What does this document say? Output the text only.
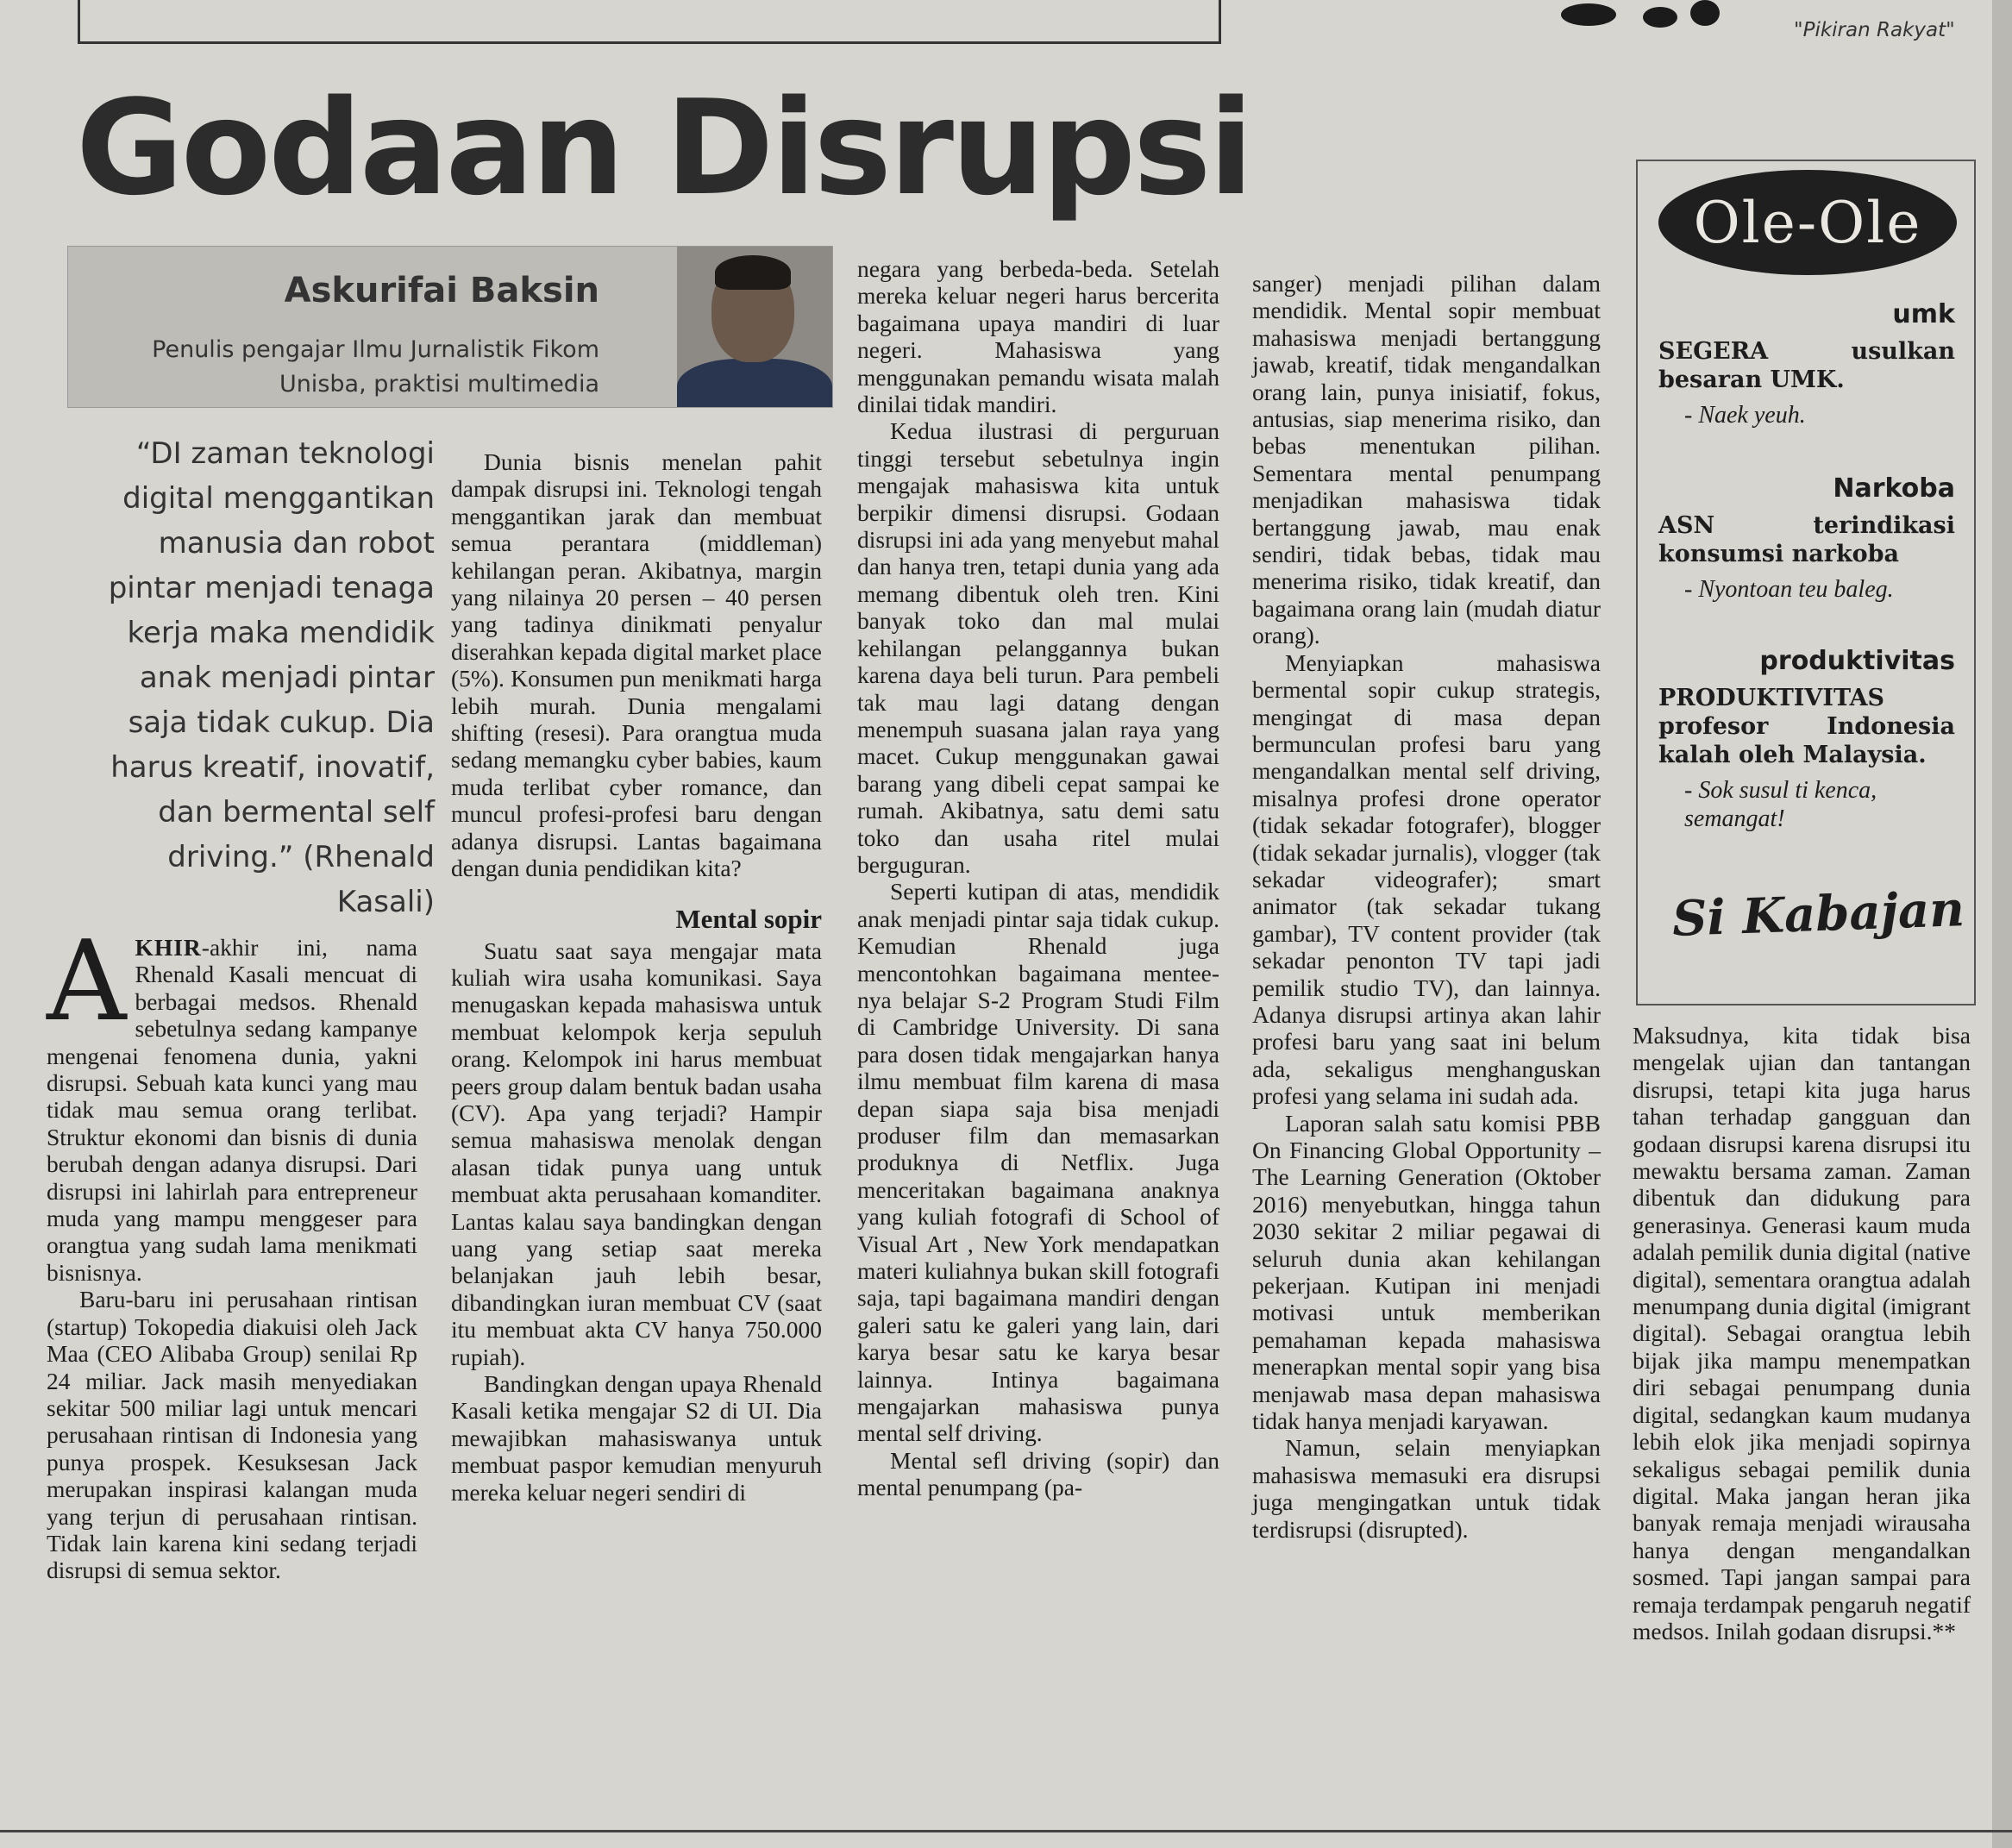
"Pikiran Rakyat"
Godaan Disrupsi
Askurifai Baksin
Penulis pengajar Ilmu Jurnalistik Fikom
Unisba, praktisi multimedia

“DI zaman teknologi digital menggantikan manusia dan robot pintar menjadi tenaga kerja maka mendidik anak menjadi pintar saja tidak cukup. Dia harus kreatif, inovatif, dan bermental self driving.” (Rhenald Kasali)

AKHIR-akhir ini, nama Rhenald Kasali mencuat di berbagai medsos. Rhenald sebetulnya sedang kampanye mengenai fenomena dunia, yakni disrupsi. Sebuah kata kunci yang mau tidak mau semua orang terlibat. Struktur ekonomi dan bisnis di dunia berubah dengan adanya disrupsi. Dari disrupsi ini lahirlah para entrepreneur muda yang mampu menggeser para orangtua yang sudah lama menikmati bisnisnya.

Baru-baru ini perusahaan rintisan (startup) Tokopedia diakuisi oleh Jack Maa (CEO Alibaba Group) senilai Rp 24 miliar. Jack masih menyediakan sekitar 500 miliar lagi untuk mencari perusahaan rintisan di Indonesia yang punya prospek. Kesuksesan Jack merupakan inspirasi kalangan muda yang terjun di perusahaan rintisan. Tidak lain karena kini sedang terjadi disrupsi di semua sektor.

Dunia bisnis menelan pahit dampak disrupsi ini. Teknologi tengah menggantikan jarak dan membuat semua perantara (middleman) kehilangan peran. Akibatnya, margin yang nilainya 20 persen – 40 persen yang tadinya dinikmati penyalur diserahkan kepada digital market place (5%). Konsumen pun menikmati harga lebih murah. Dunia mengalami shifting (resesi). Para orangtua muda sedang memangku cyber babies, kaum muda terlibat cyber romance, dan muncul profesi-profesi baru dengan adanya disrupsi. Lantas bagaimana dengan dunia pendidikan kita?

Mental sopir

Suatu saat saya mengajar mata kuliah wira usaha komunikasi. Saya menugaskan kepada mahasiswa untuk membuat kelompok kerja sepuluh orang. Kelompok ini harus membuat peers group dalam bentuk badan usaha (CV). Apa yang terjadi? Hampir semua mahasiswa menolak dengan alasan tidak punya uang untuk membuat akta perusahaan komanditer. Lantas kalau saya bandingkan dengan uang yang setiap saat mereka belanjakan jauh lebih besar, dibandingkan iuran membuat CV (saat itu membuat akta CV hanya 750.000 rupiah).

Bandingkan dengan upaya Rhenald Kasali ketika mengajar S2 di UI. Dia mewajibkan mahasiswanya untuk membuat paspor kemudian menyuruh mereka keluar negeri sendiri di

negara yang berbeda-beda. Setelah mereka keluar negeri harus bercerita bagaimana upaya mandiri di luar negeri. Mahasiswa yang menggunakan pemandu wisata malah dinilai tidak mandiri.

Kedua ilustrasi di perguruan tinggi tersebut sebetulnya ingin mengajak mahasiswa kita untuk berpikir dimensi disrupsi. Godaan disrupsi ini ada yang menyebut mahal dan hanya tren, tetapi dunia yang ada memang dibentuk oleh tren. Kini banyak toko dan mal mulai kehilangan pelanggannya bukan karena daya beli turun. Para pembeli tak mau lagi datang dengan menempuh suasana jalan raya yang macet. Cukup menggunakan gawai barang yang dibeli cepat sampai ke rumah. Akibatnya, satu demi satu toko dan usaha ritel mulai berguguran.

Seperti kutipan di atas, mendidik anak menjadi pintar saja tidak cukup. Kemudian Rhenald juga mencontohkan bagaimana mentee-nya belajar S-2 Program Studi Film di Cambridge University. Di sana para dosen tidak mengajarkan hanya ilmu membuat film karena di masa depan siapa saja bisa menjadi produser film dan memasarkan produknya di Netflix. Juga menceritakan bagaimana anaknya yang kuliah fotografi di School of Visual Art , New York mendapatkan materi kuliahnya bukan skill fotografi saja, tapi bagaimana mandiri dengan galeri satu ke galeri yang lain, dari karya besar satu ke karya besar lainnya. Intinya bagaimana mengajarkan mahasiswa punya mental self driving.

Mental sefl driving (sopir) dan mental penumpang (pa-

sanger) menjadi pilihan dalam mendidik. Mental sopir membuat mahasiswa menjadi bertanggung jawab, kreatif, tidak mengandalkan orang lain, punya inisiatif, fokus, antusias, siap menerima risiko, dan bebas menentukan pilihan. Sementara mental penumpang menjadikan mahasiswa tidak bertanggung jawab, mau enak sendiri, tidak bebas, tidak mau menerima risiko, tidak kreatif, dan bagaimana orang lain (mudah diatur orang).

Menyiapkan mahasiswa bermental sopir cukup strategis, mengingat di masa depan bermunculan profesi baru yang mengandalkan mental self driving, misalnya profesi drone operator (tidak sekadar fotografer), blogger (tidak sekadar jurnalis), vlogger (tak sekadar videografer); smart animator (tak sekadar tukang gambar), TV content provider (tak sekadar penonton TV tapi jadi pemilik studio TV), dan lainnya. Adanya disrupsi artinya akan lahir profesi baru yang saat ini belum ada, sekaligus menghanguskan profesi yang selama ini sudah ada.

Laporan salah satu komisi PBB On Financing Global Opportunity – The Learning Generation (Oktober 2016) menyebutkan, hingga tahun 2030 sekitar 2 miliar pegawai di seluruh dunia akan kehilangan pekerjaan. Kutipan ini menjadi motivasi untuk memberikan pemahaman kepada mahasiswa menerapkan mental sopir yang bisa menjawab masa depan mahasiswa tidak hanya menjadi karyawan.

Namun, selain menyiapkan mahasiswa memasuki era disrupsi juga mengingatkan untuk tidak terdisrupsi (disrupted).

Ole-Ole
umk
SEGERA usulkan besaran UMK.
- Naek yeuh.
Narkoba
ASN terindikasi konsumsi narkoba
- Nyontoan teu baleg.
produktivitas
PRODUKTIVITAS profesor Indonesia kalah oleh Malaysia.
- Sok susul ti kenca, semangat!
Si Kabajan

Maksudnya, kita tidak bisa mengelak ujian dan tantangan disrupsi, tetapi kita juga harus tahan terhadap gangguan dan godaan disrupsi karena disrupsi itu mewaktu bersama zaman. Zaman dibentuk dan didukung para generasinya. Generasi kaum muda adalah pemilik dunia digital (native digital), sementara orangtua adalah menumpang dunia digital (imigrant digital). Sebagai orangtua lebih bijak jika mampu menempatkan diri sebagai penumpang dunia digital, sedangkan kaum mudanya lebih elok jika menjadi sopirnya sekaligus sebagai pemilik dunia digital. Maka jangan heran jika banyak remaja menjadi wirausaha hanya dengan mengandalkan sosmed. Tapi jangan sampai para remaja terdampak pengaruh negatif medsos. Inilah godaan disrupsi.**
